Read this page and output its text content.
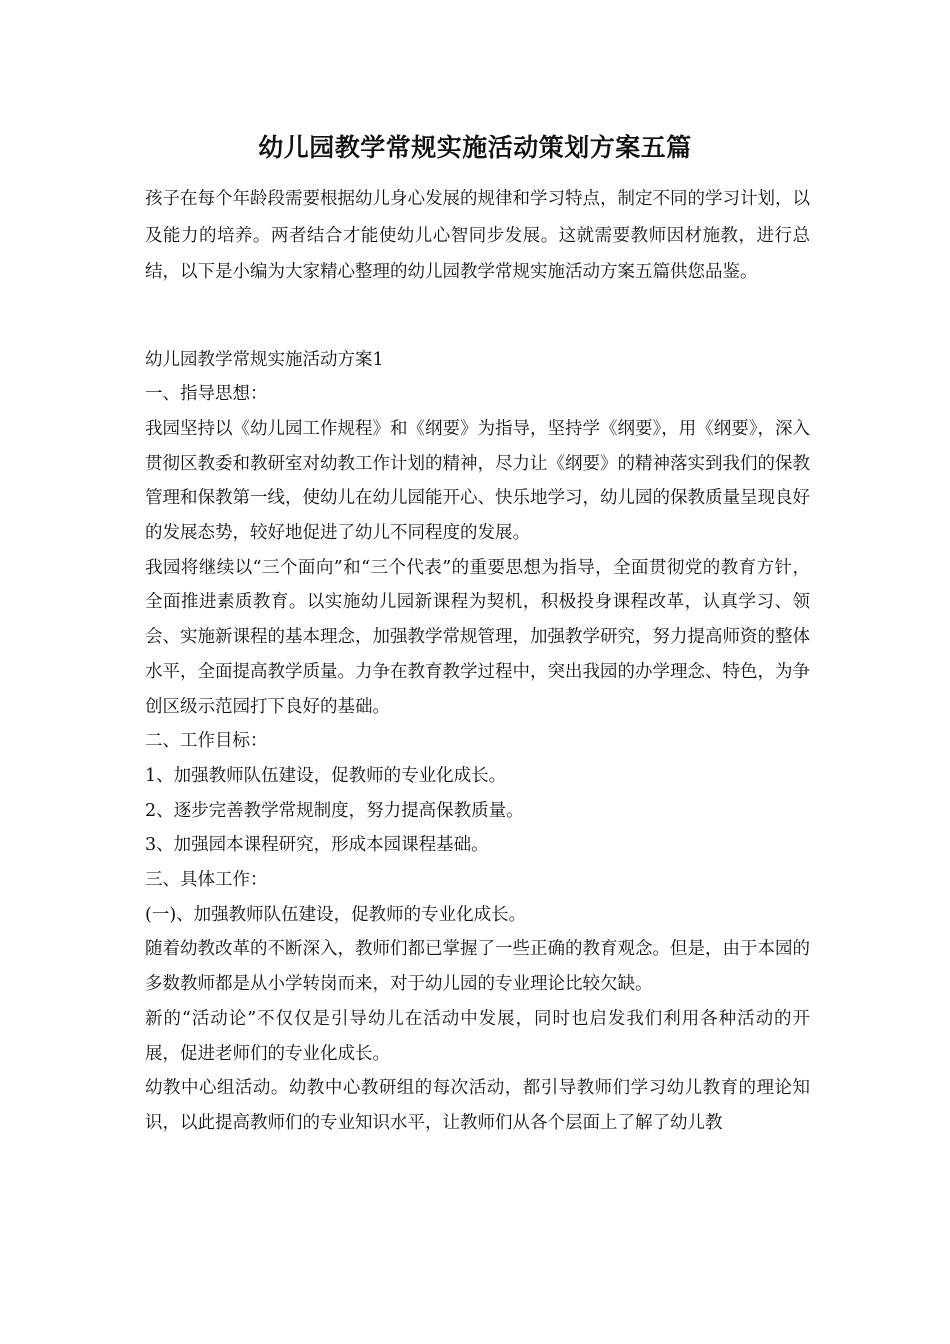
幼儿园教学常规实施活动策划方案五篇

孩子在每个年龄段需要根据幼儿身心发展的规律和学习特点，制定不同的学习计划，以及能力的培养。两者结合才能使幼儿心智同步发展。这就需要教师因材施教，进行总结，以下是小编为大家精心整理的幼儿园教学常规实施活动方案五篇供您品鉴。

幼儿园教学常规实施活动方案1

一、指导思想：

我园坚持以《幼儿园工作规程》和《纲要》为指导，坚持学《纲要》，用《纲要》，深入贯彻区教委和教研室对幼教工作计划的精神，尽力让《纲要》的精神落实到我们的保教管理和保教第一线，使幼儿在幼儿园能开心、快乐地学习，幼儿园的保教质量呈现良好的发展态势，较好地促进了幼儿不同程度的发展。

我园将继续以“三个面向”和“三个代表”的重要思想为指导，全面贯彻党的教育方针，全面推进素质教育。以实施幼儿园新课程为契机，积极投身课程改革，认真学习、领会、实施新课程的基本理念，加强教学常规管理，加强教学研究，努力提高师资的整体水平，全面提高教学质量。力争在教育教学过程中，突出我园的办学理念、特色，为争创区级示范园打下良好的基础。

二、工作目标：

1、加强教师队伍建设，促教师的专业化成长。

2、逐步完善教学常规制度，努力提高保教质量。

3、加强园本课程研究，形成本园课程基础。

三、具体工作：

(一)、加强教师队伍建设，促教师的专业化成长。

随着幼教改革的不断深入，教师们都已掌握了一些正确的教育观念。但是，由于本园的多数教师都是从小学转岗而来，对于幼儿园的专业理论比较欠缺。

新的“活动论”不仅仅是引导幼儿在活动中发展，同时也启发我们利用各种活动的开展，促进老师们的专业化成长。

幼教中心组活动。幼教中心教研组的每次活动，都引导教师们学习幼儿教育的理论知识，以此提高教师们的专业知识水平，让教师们从各个层面上了解了幼儿教
